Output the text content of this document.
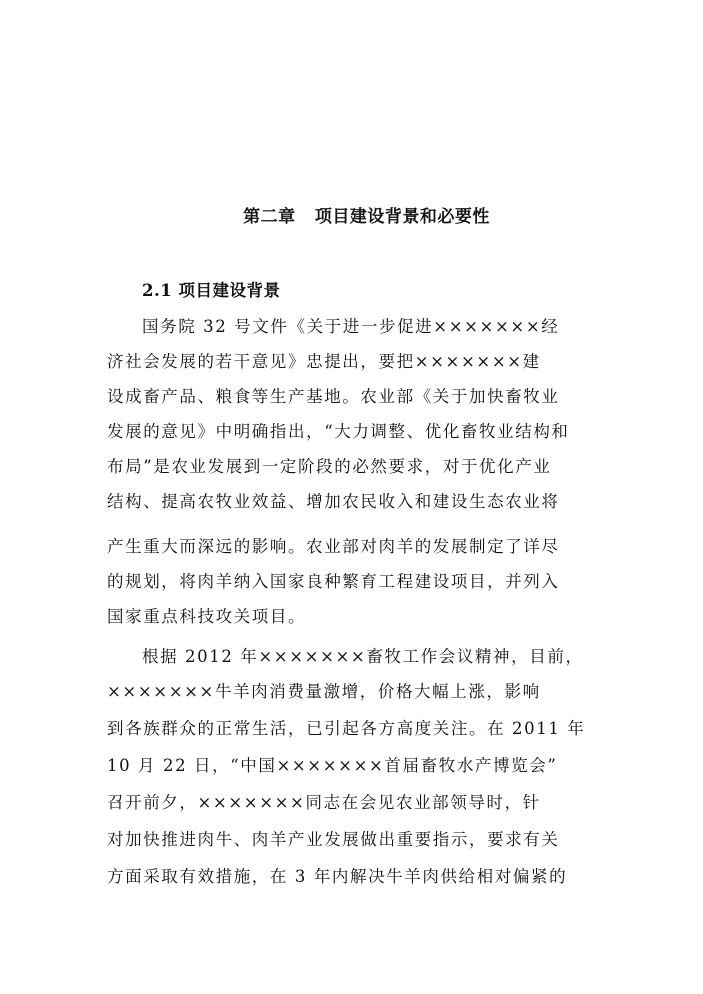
第二章   项目建设背景和必要性
2.1 项目建设背景
国务院 32 号文件《关于进一步促进×××××××经
济社会发展的若干意见》忠提出，要把×××××××建
设成畜产品、粮食等生产基地。农业部《关于加快畜牧业
发展的意见》中明确指出，“大力调整、优化畜牧业结构和
布局”是农业发展到一定阶段的必然要求，对于优化产业
结构、提高农牧业效益、增加农民收入和建设生态农业将
产生重大而深远的影响。农业部对肉羊的发展制定了详尽
的规划，将肉羊纳入国家良种繁育工程建设项目，并列入
国家重点科技攻关项目。
根据 2012 年×××××××畜牧工作会议精神，目前，
×××××××牛羊肉消费量激增，价格大幅上涨，影响
到各族群众的正常生活，已引起各方高度关注。在 2011 年
10 月 22 日，“中国×××××××首届畜牧水产博览会”
召开前夕，×××××××同志在会见农业部领导时，针
对加快推进肉牛、肉羊产业发展做出重要指示，要求有关
方面采取有效措施，在 3 年内解决牛羊肉供给相对偏紧的
